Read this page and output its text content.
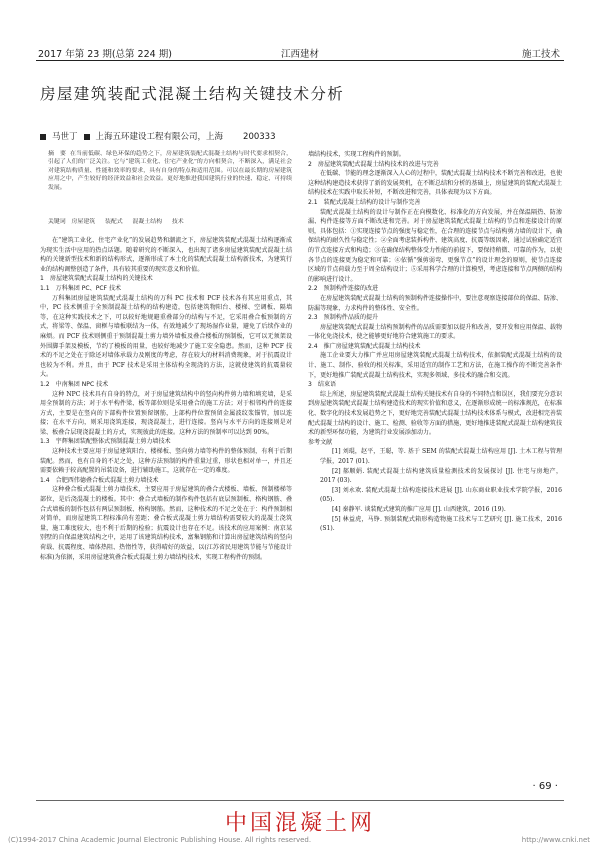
2017 年第 23 期(总第 224 期)	江西建材	施工技术
房屋建筑装配式混凝土结构关键技术分析
马世丁 上海五环建设工程有限公司，上海 200333
摘　要 在当前低碳、绿色环保的趋势之下，房屋建筑装配式混凝土结构与时代要求相契合，引起了人们的广泛关注。它与“建筑工业化、住宅产业化”的方向相契合，不断深入，满足社会对建筑结构质量、性能和效率的要求，具有自身的特点和适用范围。可以在最长期的房屋建筑应用之中，产生较好的经济效益和社会效益。更好地推进我国建筑行业的快速、稳定、可持续发展。
关键词 房屋建筑 装配式 混凝土结构 技术

在“建筑工业化、住宅产业化”的发展趋势和潮流之下，房屋建筑装配式混凝土结构逐渐成为现实生活中应用的热点话题。随着研究的不断深入，也出现了诸多房屋建筑装配式混凝土结构的关键新型技术和新的结构形式，逐渐形成了本土化的装配式混凝土结构新技术，为建筑行业的结构调整创造了条件，具有较其重要的现实意义和价值。

1　房屋建筑装配式混凝土结构的关键技术

1.1　万科集团 PC、PCF 技术

万科集团房屋建筑装配式混凝土结构的万科 PC 技术和 PCF 技术各有其应用重点，其中，PC 技术侧重于全预制混凝土结构的结构建造，包括建筑物阳台、楼梯、空调板、隔墙等，在这种实践技术之下，可以较好地规避重叠部分的结构与不足，它采用叠合板预制的方式，将梁等、保温、窗框与墙板联结为一体，有效地减少了现场湿作业量，避免了后续作业的麻烦。而 PCF 技术则侧重于预制混凝土剪力墙外墙板及叠合楼板的预制板，它可以无须架设外围脚手架及模板，节约了模板的用量，也较好地减少了施工安全隐患。然而，这种 PCF 技术的不足之处在于除还对墙体承载力及刚度的考虑，存在较大的材料消费现象，对于抗震设计也较为不利。并且，由于 PCF 技术是采用主体结构全现浇的方法，这就使建筑的抗震量较大。

1.2　中南集团 NPC 技术

这种 NPC 技术具有自身的特点，对于房屋建筑结构中的竖向构件剪力墙和填充墙，是采用全预制的方法；对于水平构件梁、板等部位则是采用叠合的施工方法；对于相邻构件的连接方式，主要是在竖向的下部构件位置预留钢筋，上部构件位置预留金属波纹浆锚管，加以连接；在水平方向，则采用浇筑连接，现浇混凝土，进行连接。竖向与水平方向的连接则是对梁、板叠合层现浇混凝土的方式，实现彼此的连接。这种方法的预制率可以达到 90%。

1.3　宇辉集团装配整体式预制混凝土剪力墙技术

这种技术主要应用于房屋建筑阳台、楼梯板、竖向剪力墙等构件的整体预制，有利于后期装配。然而，也有自身的不足之处，这种方法预制的构件重量过重，形状也相对单一，并且还需要依赖于较高配置的吊装设备，进行辅助施工，这就存在一定的难度。

1.4　合肥西伟德叠合板式混凝土剪力墙技术

这种叠合板式混凝土剪力墙技术，主要应用于房屋建筑的叠合式楼板、墙板、预制楼梯等部位，是后浇混凝土的楼板。其中：叠合式墙板的制作构件包括有底层预制板、格构钢筋、叠合式墙板的制作包括有两层预制板、格构钢筋。然而，这种技术的不足之处在于：构件预制相对简单，而房屋建筑工程标准尚有差距；叠合板式混凝土剪力墙结构需要较大的混凝土浇筑量，施工难度较大，也不利于后期的检验；抗震设计也存在不足。该技术的应用案例：南京某别墅的自保温建筑结构之中，运用了该建筑结构技术，富集钢筋和计算出房屋建筑结构的竖向荷载、抗震程度、墙体热阻、热惰性等，获得晴好的效益，以(江苏省民用建筑节能与节能设计标准)为依据，采用房屋建筑叠合板式混凝土剪力墙结构技术，实现工程构件的预制。

墙结构技术，实现工程构件的预制。

2　房屋建筑装配式混凝土结构技术的改进与完善

在低碳、节能的理念逐渐深入人心的过程中，装配式混凝土结构技术不断完善和改进，也使这种结构建造技术获得了新的发展契机，在不断总结和分析的基础上，房屋建筑的装配式混凝土结构技术在实践中取长补短，不断改进和完善，具体表现为以下方面。

2.1　装配式混凝土结构的设计与制作完善

装配式混凝土结构的设计与制作正在向模数化、标准化的方向发展，并在保温隔热、防渗漏、构件连接等方面不断改进和完善。对于房屋建筑装配式混凝土结构的节点和连接设计的原则，具体包括：①实现连接节点的强度与稳定性，在合理的连接节点与结构剪力墙的设计下，确保结构的耐久性与稳定性；②全面考虑装拆构件、建筑高度、抗震等级因素，通过试验确定适宜的节点连接方式和构造；③在确保结构整体受力性能的前提下，要保持稍微、可靠的作为，以使各节点的连接更为稳定和可靠；④依循“强剪弱弯、更强节点”的设计理念的原则，使节点连接区域的节点荷载力至于周全结构设计；⑤采用科学合理的计算模型，考虑连接和节点两侧的结构的影响进行设计。

2.2　预制构件连接的改进

在房屋建筑装配式混凝土结构的预制构件连接操作中，要注意观察连接部位的保温、防渗、防漏等现象，力求构件的整体性、安全性。

2.3　预制构件品质的提升

房屋建筑装配式混凝土结构预制构件的品质需要加以提升和改善，要开发和应用保温、载物一体化免浇技术，使之能够更好地符合建筑施工的要求。

2.4　推广房屋建筑装配式混凝土结构技术

施工企业要大力推广并应用房屋建筑装配式混凝土结构技术，依据装配式混凝土结构的设计、施工、制作、验收的相关标准，采用适宜的制作工艺和方法，在施工操作的不断完善条件下，更好地推广装配式混凝土结构技术，实现多领域、多技术的融合和交流。

3　结束语

综上所述，房屋建筑装配式混凝土结构关键技术有自身的不同特点和误区，我们要充分意识到房屋建筑装配式混凝土结构建造技术的现实价值和意义，在逐渐形成统一的标准规范，在标准化、数字化的技术发展趋势之下，更好地完善装配式混凝土结构技术体系与模式，改进相完善装配式混凝土结构的设计、施工、检测、验收等方面的措施，更好地推进装配式混凝土结构建筑技术的新型环保功能，为建筑行业发展添加动力。

参考文献

[1] 刘琨，赵平，王聪，等. 基于 SEM 的装配式混凝土结构应用 [J]. 土木工程与管理学报，2017 (01).

[2] 郝顺娟. 装配式混凝土结构建筑质量检测技术的发展探讨 [J]. 住宅与房地产，2017 (03).

[3] 刘永欢. 装配式混凝土结构连接技术进展 [J]. 山东商业职业技术学院学报，2016 (05).

[4] 秦静军. 谈装配式建筑的推广应用 [J]. 山西建筑，2016 (19).

[5] 林益虎，马铮. 预制装配式箱形构造物施工技术与工艺研究 [J]. 施工技术，2016 (S1).

· 69 ·
中国混凝土网
(C)1994-2017 China Academic Journal Electronic Publishing House. All rights reserved.	http://www.cnki.net
